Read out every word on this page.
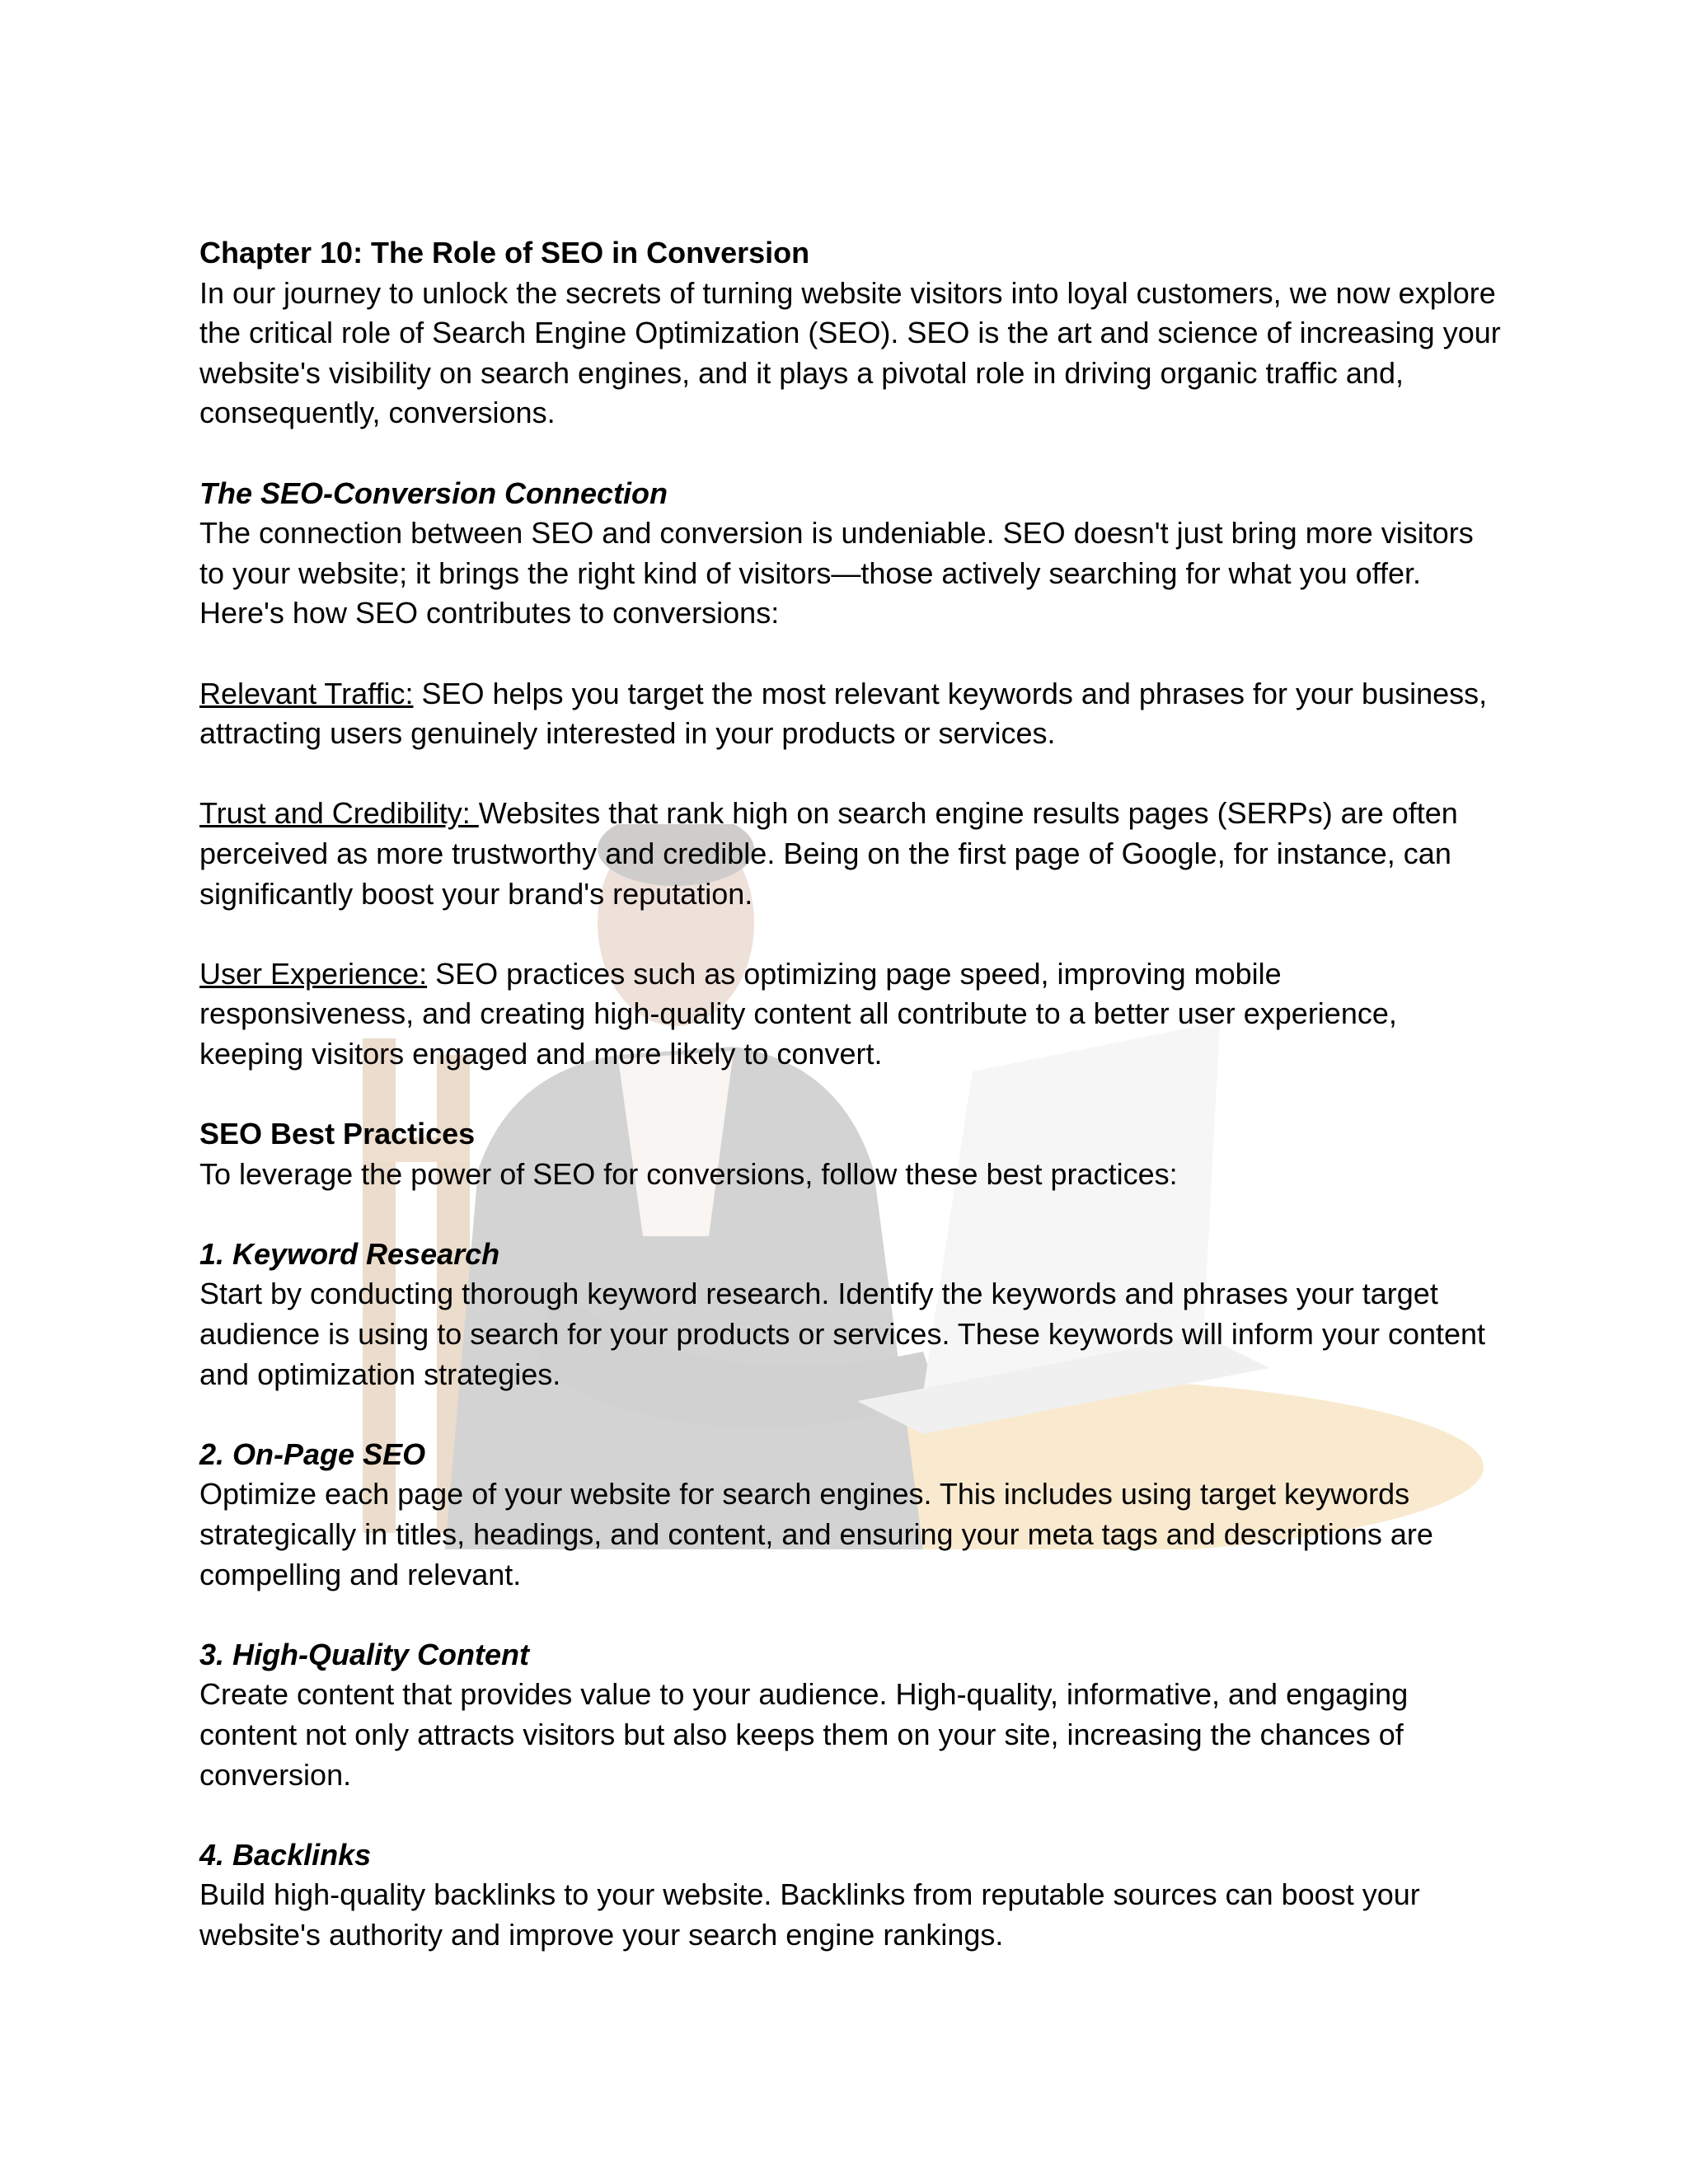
Chapter 10: The Role of SEO in Conversion

In our journey to unlock the secrets of turning website visitors into loyal customers, we now explore the critical role of Search Engine Optimization (SEO). SEO is the art and science of increasing your website's visibility on search engines, and it plays a pivotal role in driving organic traffic and, consequently, conversions.

The SEO-Conversion Connection

The connection between SEO and conversion is undeniable. SEO doesn't just bring more visitors to your website; it brings the right kind of visitors—those actively searching for what you offer. Here's how SEO contributes to conversions:

Relevant Traffic: SEO helps you target the most relevant keywords and phrases for your business, attracting users genuinely interested in your products or services.

Trust and Credibility: Websites that rank high on search engine results pages (SERPs) are often perceived as more trustworthy and credible. Being on the first page of Google, for instance, can significantly boost your brand's reputation.

User Experience: SEO practices such as optimizing page speed, improving mobile responsiveness, and creating high-quality content all contribute to a better user experience, keeping visitors engaged and more likely to convert.

SEO Best Practices

To leverage the power of SEO for conversions, follow these best practices:

1. Keyword Research

Start by conducting thorough keyword research. Identify the keywords and phrases your target audience is using to search for your products or services. These keywords will inform your content and optimization strategies.

2. On-Page SEO

Optimize each page of your website for search engines. This includes using target keywords strategically in titles, headings, and content, and ensuring your meta tags and descriptions are compelling and relevant.

3. High-Quality Content

Create content that provides value to your audience. High-quality, informative, and engaging content not only attracts visitors but also keeps them on your site, increasing the chances of conversion.

4. Backlinks

Build high-quality backlinks to your website. Backlinks from reputable sources can boost your website's authority and improve your search engine rankings.
